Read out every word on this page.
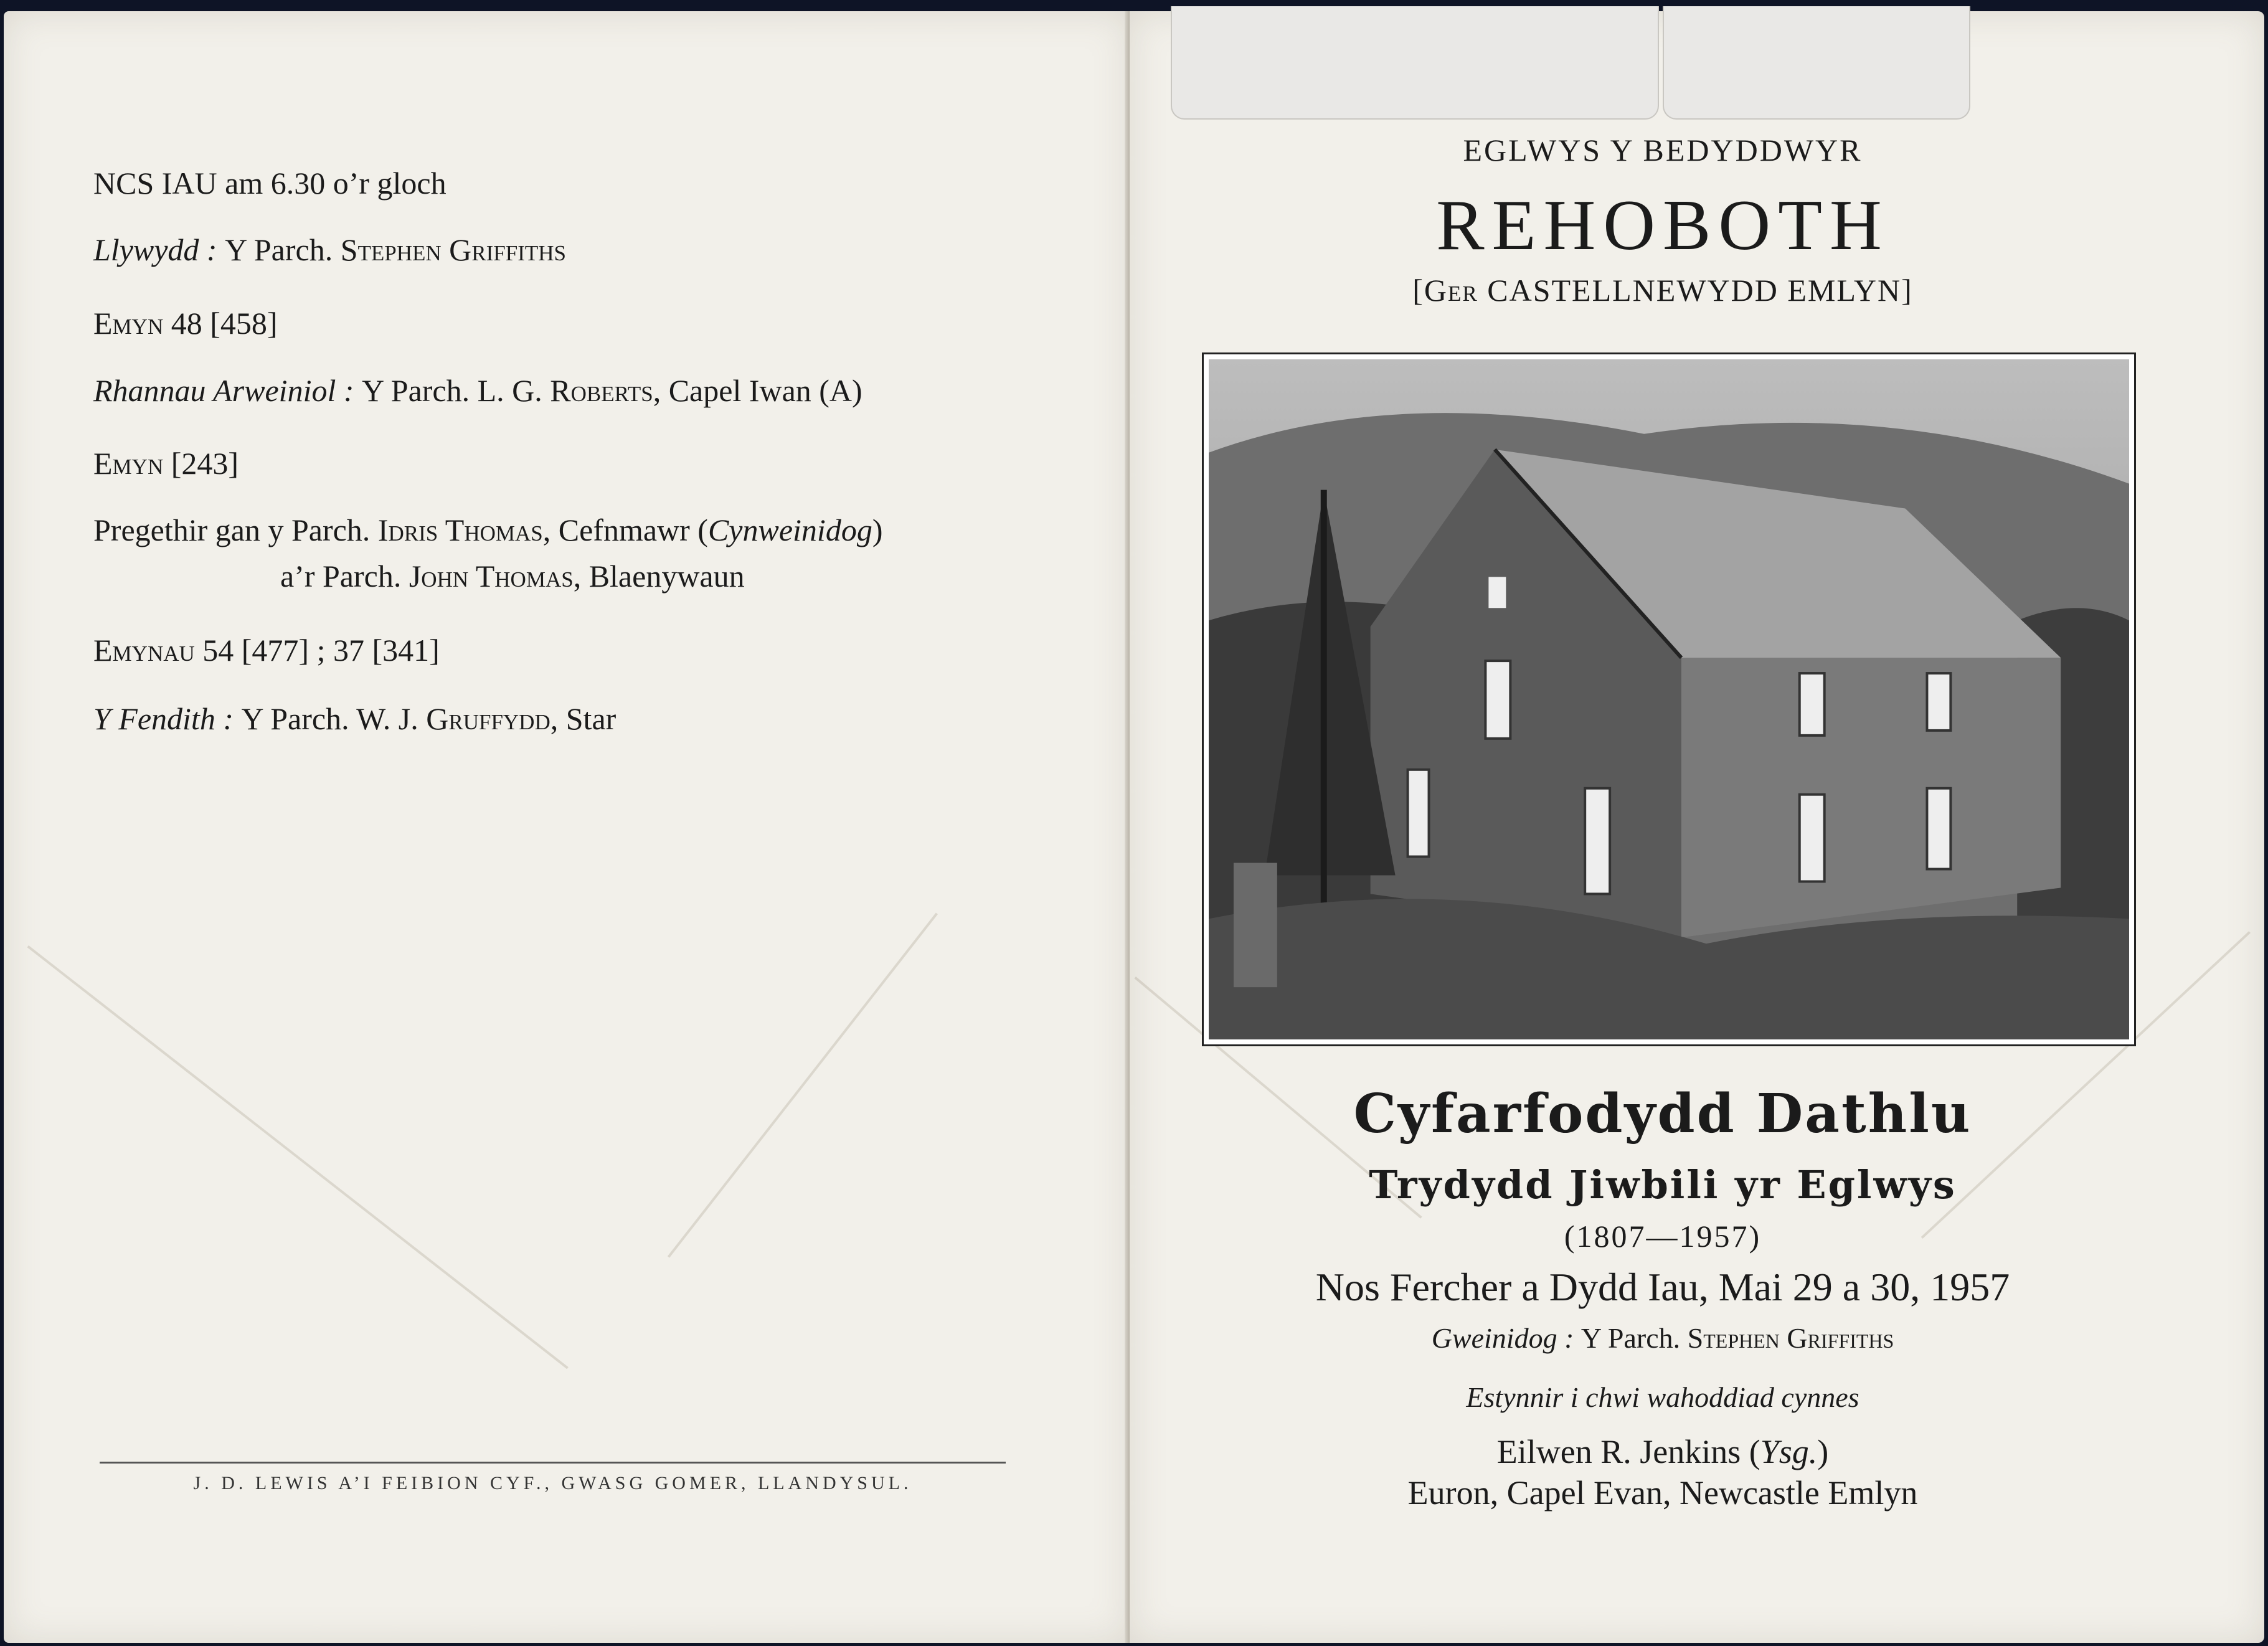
NCS IAU am 6.30 o’r gloch
Llywydd : Y Parch. Stephen Griffiths
Emyn 48 [458]
Rhannau Arweiniol : Y Parch. L. G. Roberts, Capel Iwan (A)
Emyn [243]
Pregethir gan y Parch. Idris Thomas, Cefnmawr (Cynweinidog)
a’r Parch. John Thomas, Blaenywaun
Emynau 54 [477] ; 37 [341]
Y Fendith : Y Parch. W. J. Gruffydd, Star
J. D. LEWIS A’I FEIBION CYF., GWASG GOMER, LLANDYSUL.
EGLWYS Y BEDYDDWYR
REHOBOTH
[Ger CASTELLNEWYDD EMLYN]
Cyfarfodydd Dathlu
Trydydd Jiwbili yr Eglwys
(1807—1957)
Nos Fercher a Dydd Iau, Mai 29 a 30, 1957
Gweinidog : Y Parch. Stephen Griffiths
Estynnir i chwi wahoddiad cynnes
Eilwen R. Jenkins (Ysg.)
Euron, Capel Evan, Newcastle Emlyn
